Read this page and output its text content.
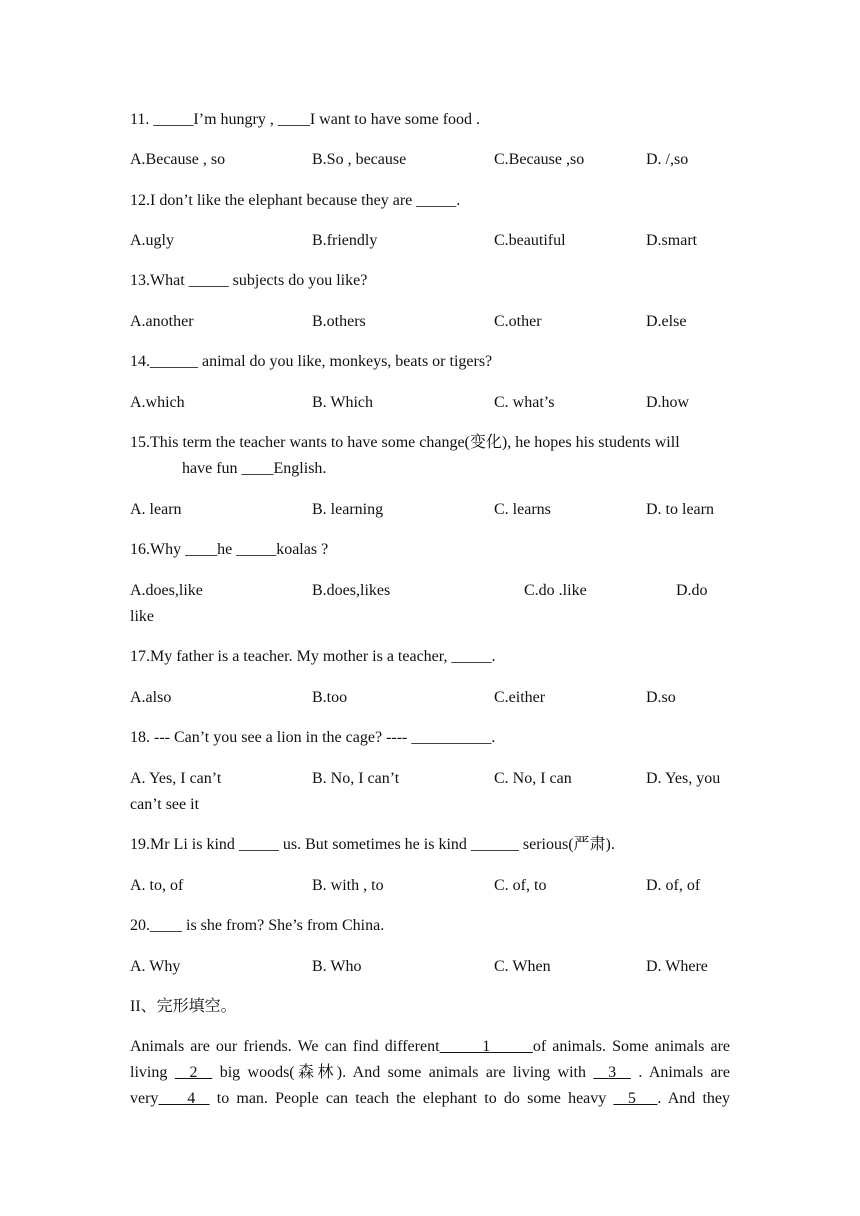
11. _____I’m hungry , ____I want to have some food .
A.Because , so	B.So , because	C.Because ,so	D. /,so
12.I don’t like the elephant because they are _____.
A.ugly	B.friendly	C.beautiful	D.smart
13.What _____ subjects do you like?
A.another	B.others	C.other	D.else
14.______ animal do you like, monkeys, beats or tigers?
A.which	B. Which	C. what’s	D.how
15.This term the teacher wants to have some change(变化), he hopes his students will
have fun ____English.
A. learn	B. learning	C. learns	D. to learn
16.Why ____he _____koalas ?
A.does,like	B.does,likes	C.do .like	D.do
like
17.My father is a teacher. My mother is a teacher, _____.
A.also	B.too	C.either	D.so
18. --- Can’t you see a lion in the cage? ---- __________.
A. Yes, I can’t	B. No, I can’t	C. No, I can	D. Yes, you
can’t see it
19.Mr Li is kind _____ us. But sometimes he is kind ______ serious(严肃).
A. to, of	B. with , to	C. of, to	D. of, of
20.____ is she from? She’s from China.
A. Why	B. Who	C. When	D. Where
II、完形填空。
Animals are our friends. We can find different	1	of animals. Some animals are
living 2 big woods(森林). And some animals are living with 3 . Animals are
very 4 to man. People can teach the elephant to do some heavy 5 . And they
